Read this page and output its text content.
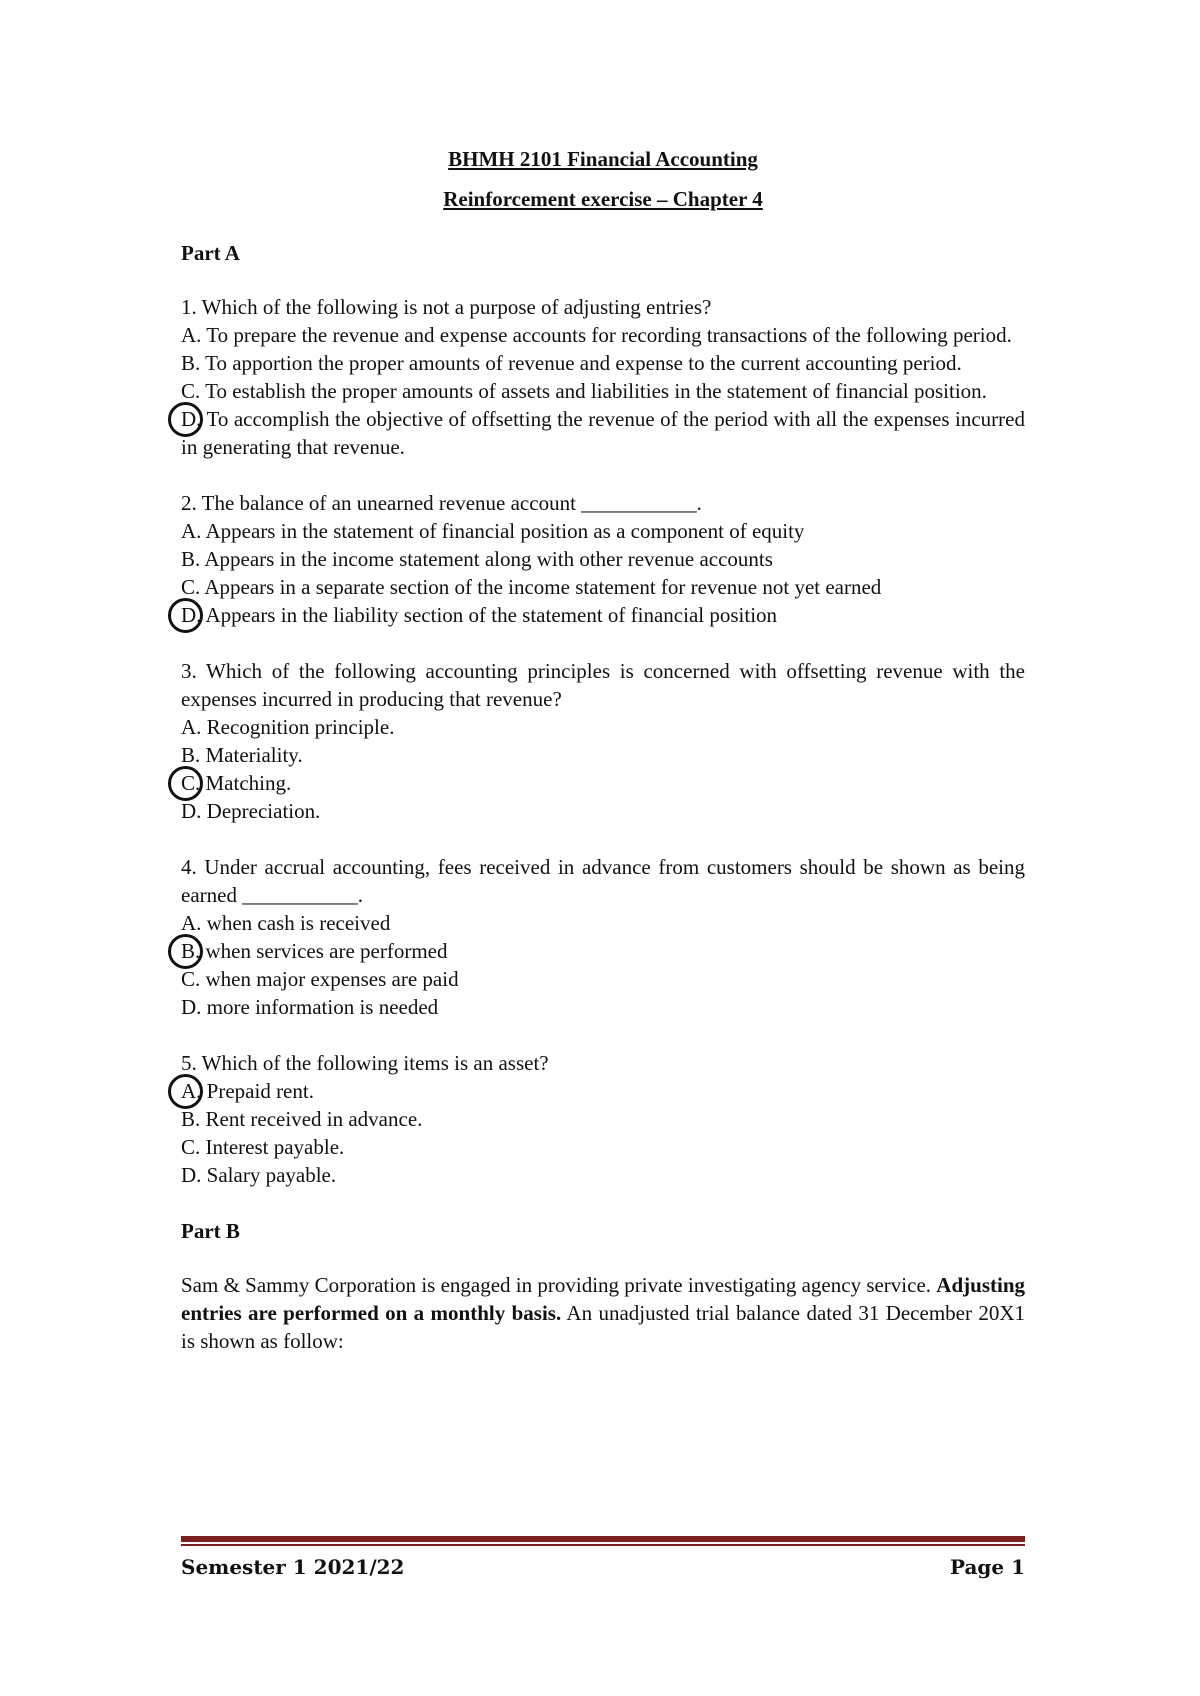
BHMH 2101 Financial Accounting

Reinforcement exercise – Chapter 4

Part A

1. Which of the following is not a purpose of adjusting entries?

A. To prepare the revenue and expense accounts for recording transactions of the following period.

B. To apportion the proper amounts of revenue and expense to the current accounting period.

C. To establish the proper amounts of assets and liabilities in the statement of financial position.

D. To accomplish the objective of offsetting the revenue of the period with all the expenses incurred in generating that revenue.

2. The balance of an unearned revenue account ___________.

A. Appears in the statement of financial position as a component of equity

B. Appears in the income statement along with other revenue accounts

C. Appears in a separate section of the income statement for revenue not yet earned

D. Appears in the liability section of the statement of financial position

3. Which of the following accounting principles is concerned with offsetting revenue with the expenses incurred in producing that revenue?

A. Recognition principle.

B. Materiality.

C. Matching.

D. Depreciation.

4. Under accrual accounting, fees received in advance from customers should be shown as being earned ___________.

A. when cash is received

B. when services are performed

C. when major expenses are paid

D. more information is needed

5. Which of the following items is an asset?

A. Prepaid rent.

B. Rent received in advance.

C. Interest payable.

D. Salary payable.

Part B

Sam & Sammy Corporation is engaged in providing private investigating agency service. Adjusting entries are performed on a monthly basis. An unadjusted trial balance dated 31 December 20X1 is shown as follow:

Semester 1 2021/22	Page 1
